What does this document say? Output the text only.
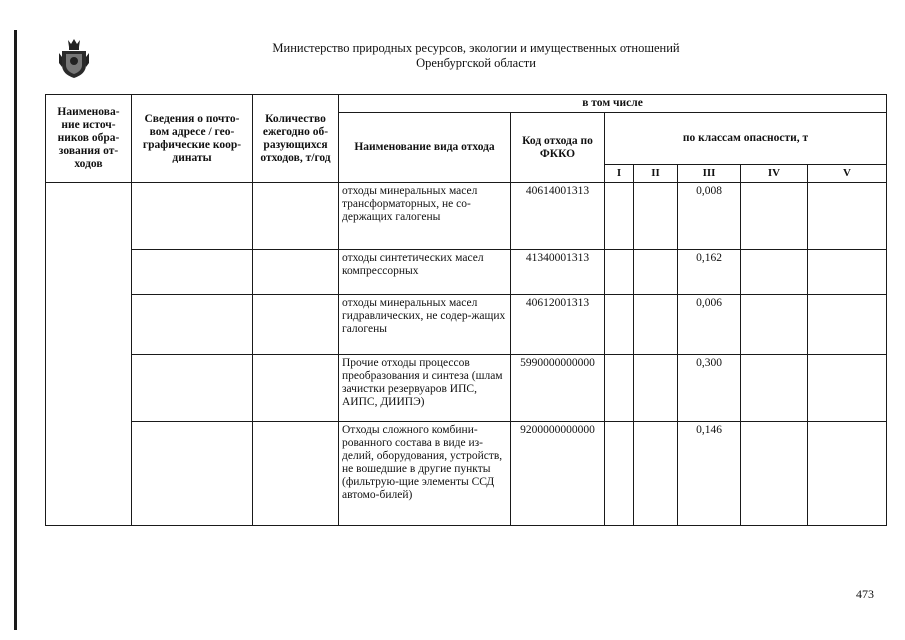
Министерство природных ресурсов, экологии и имущественных отношений
Оренбургской области
Наименова-ние источ-ников обра-зования от-ходов	Сведения о почто-вом адресе / гео-графические коор-динаты	Количество ежегодно об-разующихся отходов, т/год	в том числе						
			Наименование вида отхода	Код отхода по ФККО	по классам опасности, т				
					I	II	III	IV	V
			отходы минеральных масел трансформаторных, не со-держащих галогены	40614001313			0,008		
			отходы синтетических масел компрессорных	41340001313			0,162		
			отходы минеральных масел гидравлических, не содер-жащих галогены	40612001313			0,006		
			Прочие отходы процессов преобразования и синтеза (шлам зачистки резервуаров ИПС, АИПС, ДИИПЭ)	5990000000000			0,300		
			Отходы сложного комбини-рованного состава в виде из-делий, оборудования, устройств, не вошедшие в другие пункты (фильтрую-щие элементы ССД автомо-билей)	9200000000000			0,146		
473
